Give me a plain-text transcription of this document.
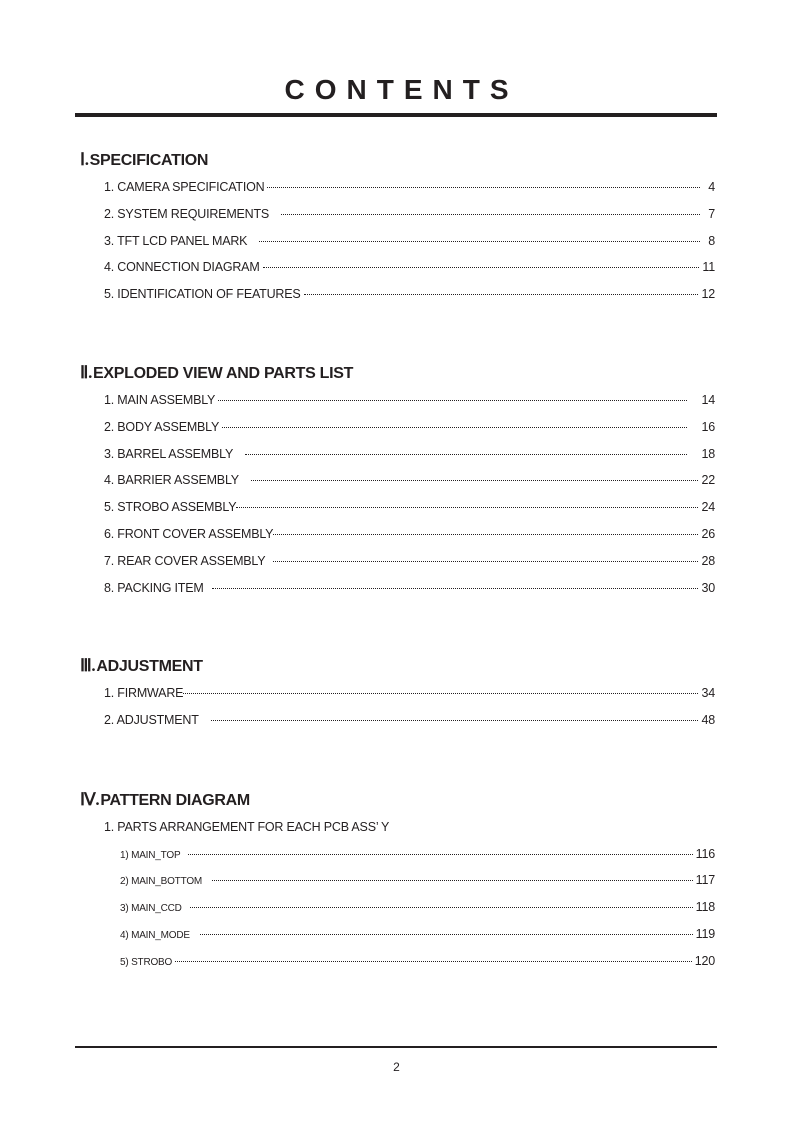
CONTENTS
Ⅰ. SPECIFICATION
1. CAMERA SPECIFICATION	4
2. SYSTEM REQUIREMENTS	7
3. TFT LCD PANEL MARK	8
4. CONNECTION DIAGRAM	11
5. IDENTIFICATION OF FEATURES	12
Ⅱ. EXPLODED VIEW AND PARTS LIST
1. MAIN ASSEMBLY	14
2. BODY ASSEMBLY	16
3. BARREL ASSEMBLY	18
4. BARRIER ASSEMBLY	22
5. STROBO ASSEMBLY	24
6. FRONT COVER ASSEMBLY	26
7. REAR COVER ASSEMBLY	28
8. PACKING ITEM	30
Ⅲ. ADJUSTMENT
1. FIRMWARE	34
2. ADJUSTMENT	48
Ⅳ. PATTERN DIAGRAM
1. PARTS ARRANGEMENT FOR EACH PCB ASS’ Y
1) MAIN_TOP	116
2) MAIN_BOTTOM	117
3) MAIN_CCD	118
4) MAIN_MODE	119
5) STROBO	120
2
